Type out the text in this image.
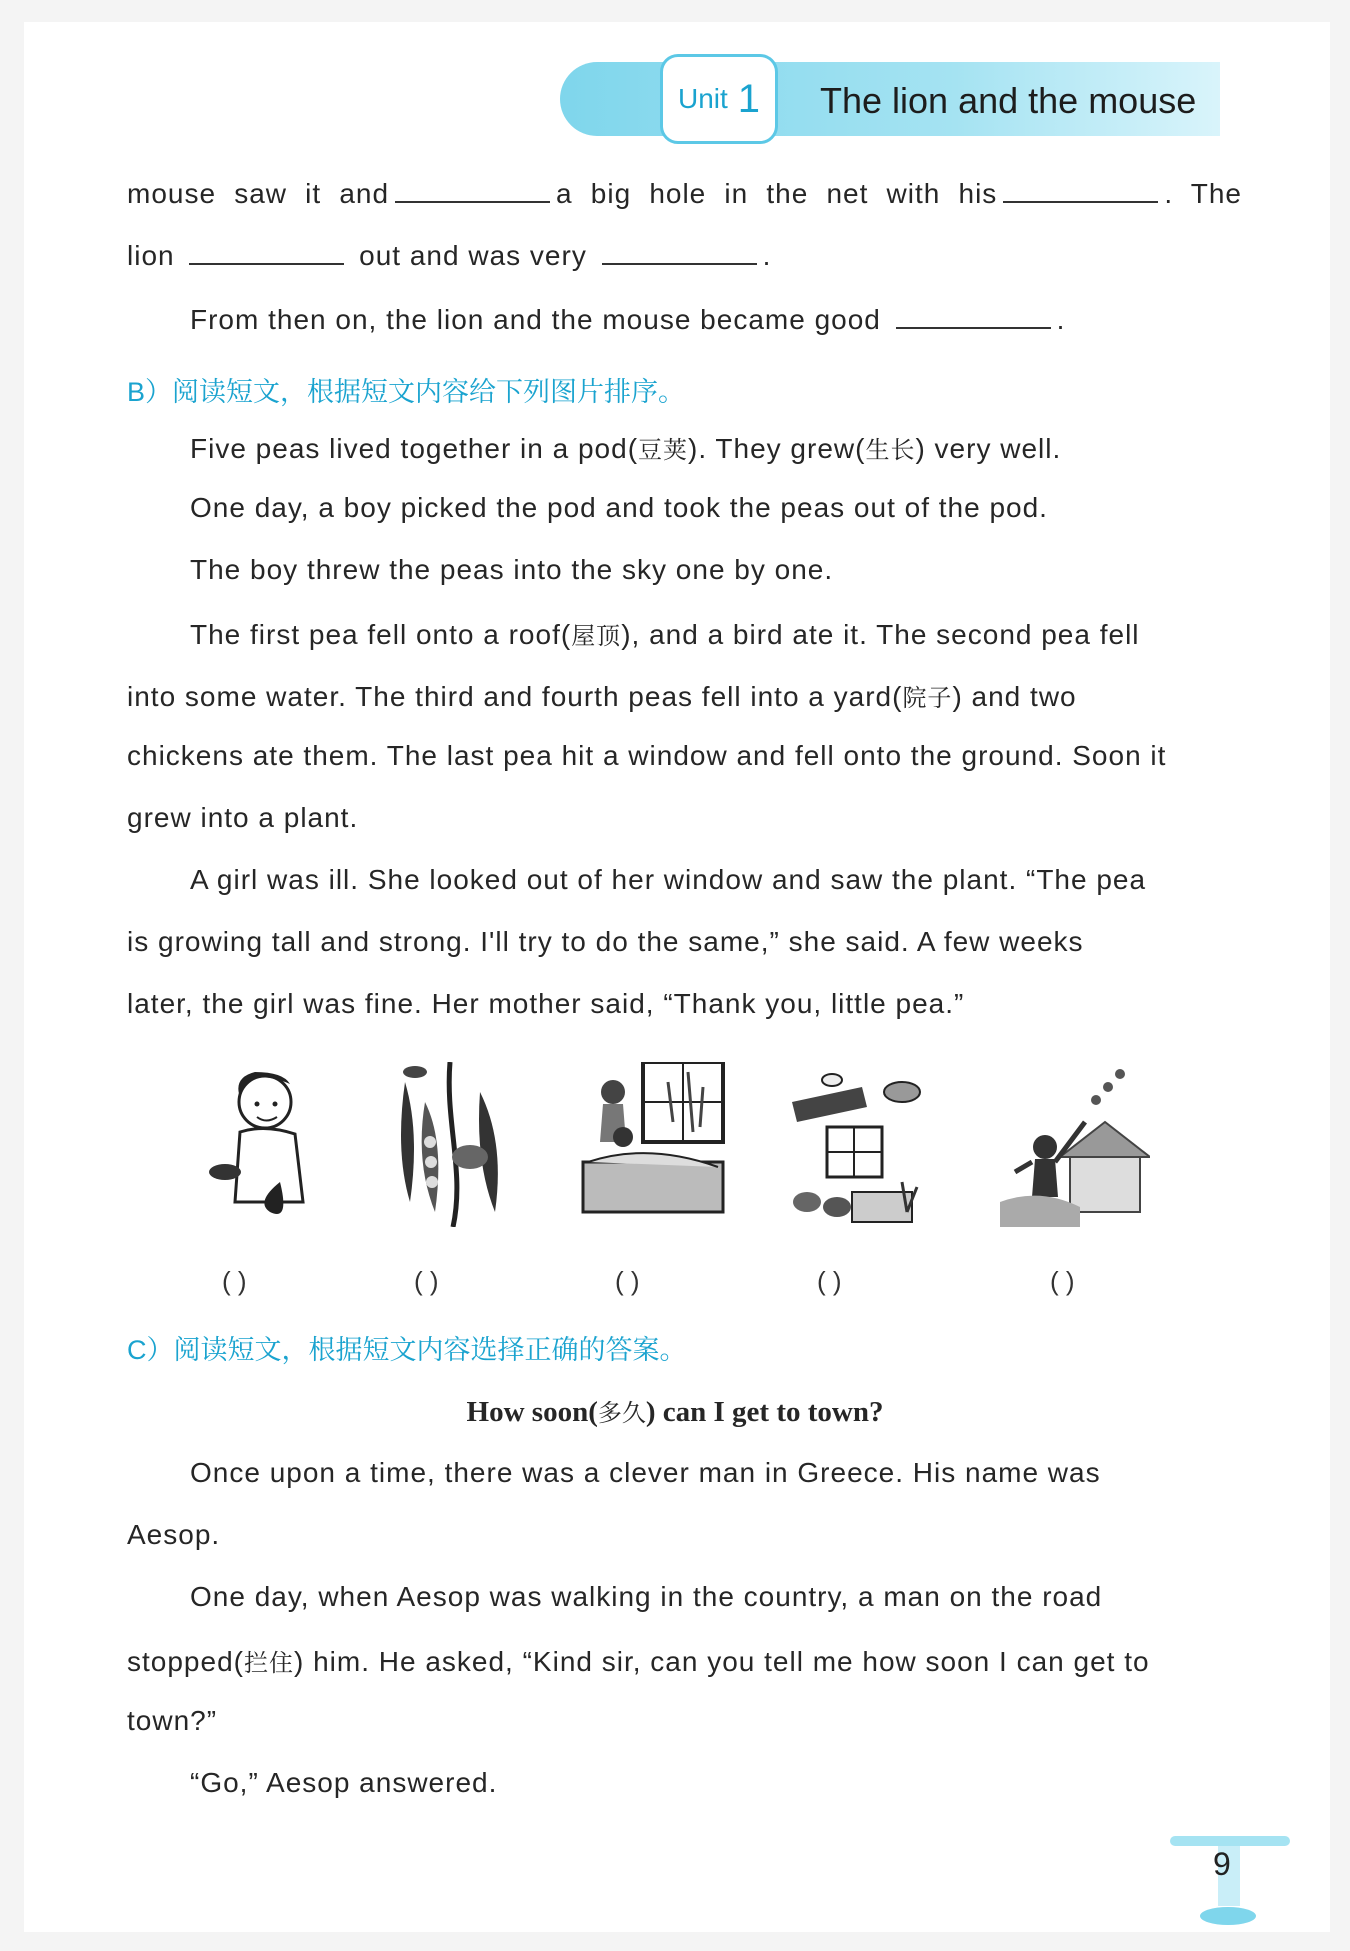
Unit 1 The lion and the mouse
mouse saw it and	a big hole in the net with his	. The
lion	out and was very	.
From then on, the lion and the mouse became good	.
B）阅读短文，根据短文内容给下列图片排序。
Five peas lived together in a pod(豆荚). They grew(生长) very well.
One day, a boy picked the pod and took the peas out of the pod.
The boy threw the peas into the sky one by one.
The first pea fell onto a roof(屋顶), and a bird ate it. The second pea fell
into some water. The third and fourth peas fell into a yard(院子) and two
chickens ate them. The last pea hit a window and fell onto the ground. Soon it
grew into a plant.
A girl was ill. She looked out of her window and saw the plant. “The pea
is growing tall and strong. I'll try to do the same,” she said. A few weeks
later, the girl was fine. Her mother said, “Thank you, little pea.”
( )	( )	( )	( )	( )
C）阅读短文，根据短文内容选择正确的答案。
How soon(多久) can I get to town?
Once upon a time, there was a clever man in Greece. His name was
Aesop.
One day, when Aesop was walking in the country, a man on the road
stopped(拦住) him. He asked, “Kind sir, can you tell me how soon I can get to
town?”
“Go,” Aesop answered.
9
